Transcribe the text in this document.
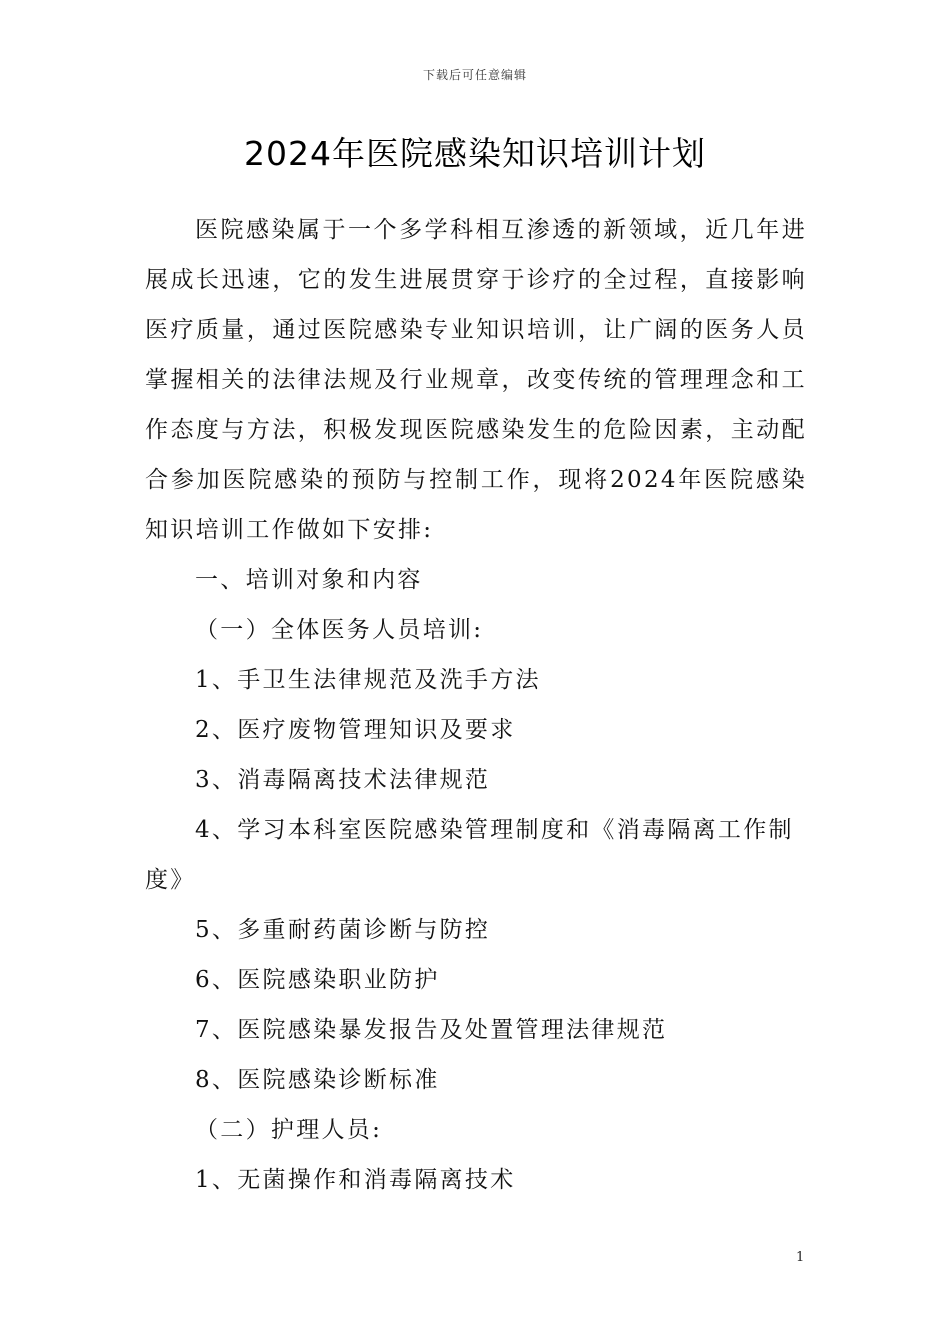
下载后可任意编辑
2024年医院感染知识培训计划

医院感染属于一个多学科相互渗透的新领域，近几年进展成长迅速，它的发生进展贯穿于诊疗的全过程，直接影响医疗质量，通过医院感染专业知识培训，让广阔的医务人员掌握相关的法律法规及行业规章，改变传统的管理理念和工作态度与方法，积极发现医院感染发生的危险因素，主动配合参加医院感染的预防与控制工作，现将2024年医院感染知识培训工作做如下安排:

一、培训对象和内容

（一）全体医务人员培训:

1、手卫生法律规范及洗手方法

2、医疗废物管理知识及要求

3、消毒隔离技术法律规范

4、学习本科室医院感染管理制度和《消毒隔离工作制度》

5、多重耐药菌诊断与防控

6、医院感染职业防护

7、医院感染暴发报告及处置管理法律规范

8、医院感染诊断标准

（二）护理人员:

1、无菌操作和消毒隔离技术

1
